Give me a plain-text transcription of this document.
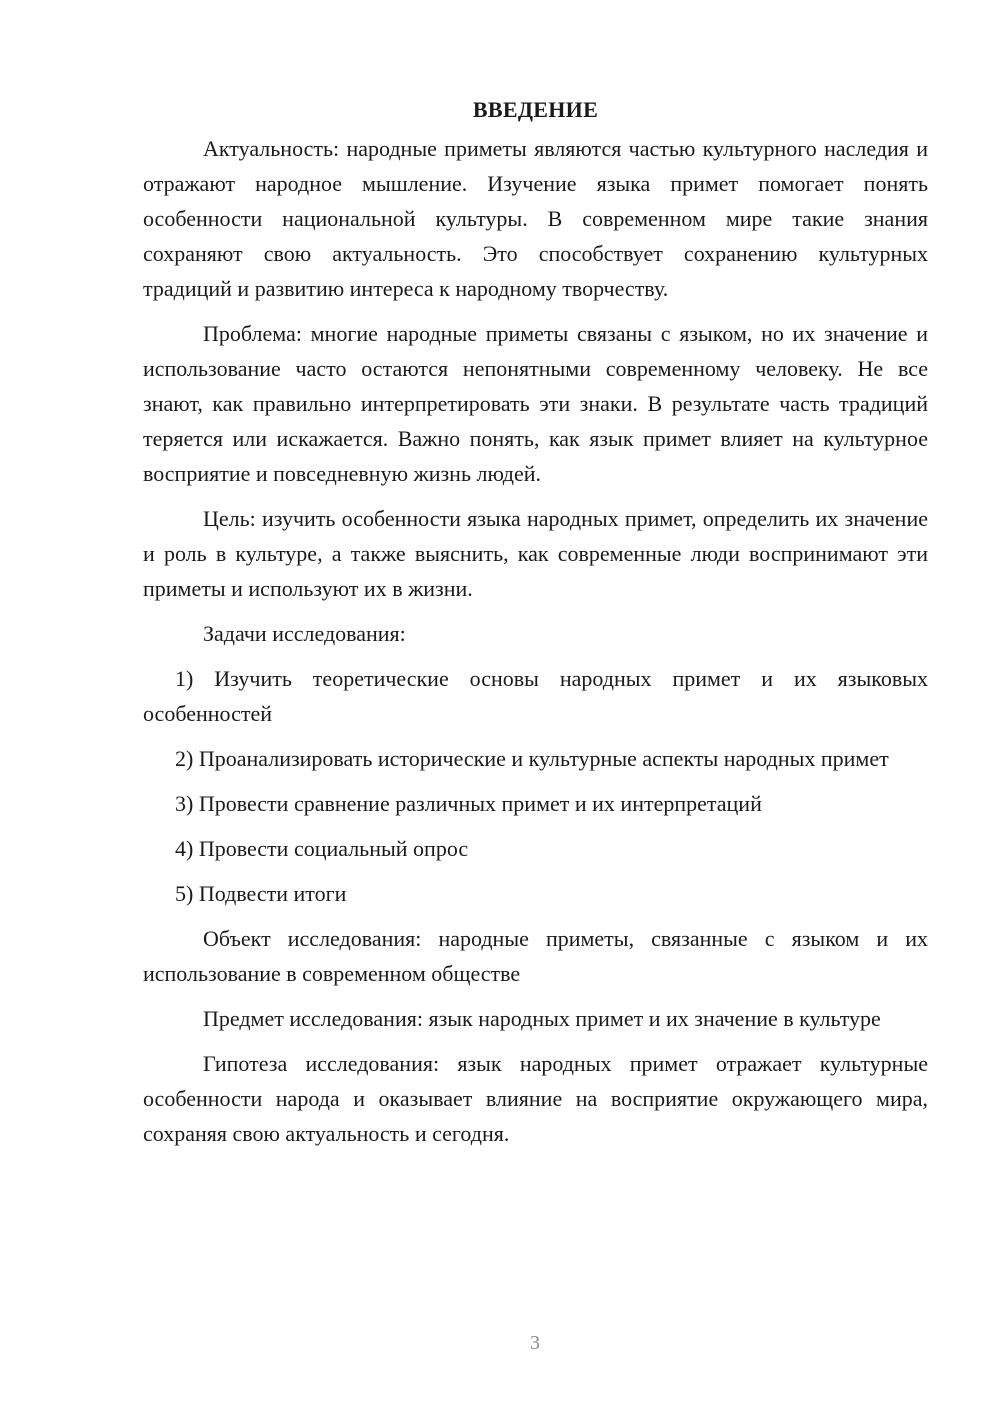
ВВЕДЕНИЕ

Актуальность: народные приметы являются частью культурного наследия и отражают народное мышление. Изучение языка примет помогает понять особенности национальной культуры. В современном мире такие знания сохраняют свою актуальность. Это способствует сохранению культурных традиций и развитию интереса к народному творчеству.

Проблема: многие народные приметы связаны с языком, но их значение и использование часто остаются непонятными современному человеку. Не все знают, как правильно интерпретировать эти знаки. В результате часть традиций теряется или искажается. Важно понять, как язык примет влияет на культурное восприятие и повседневную жизнь людей.

Цель: изучить особенности языка народных примет, определить их значение и роль в культуре, а также выяснить, как современные люди воспринимают эти приметы и используют их в жизни.

Задачи исследования:

1) Изучить теоретические основы народных примет и их языковых особенностей

2) Проанализировать исторические и культурные аспекты народных примет

3) Провести сравнение различных примет и их интерпретаций

4) Провести социальный опрос

5) Подвести итоги

Объект исследования: народные приметы, связанные с языком и их использование в современном обществе

Предмет исследования: язык народных примет и их значение в культуре

Гипотеза исследования: язык народных примет отражает культурные особенности народа и оказывает влияние на восприятие окружающего мира, сохраняя свою актуальность и сегодня.

3
